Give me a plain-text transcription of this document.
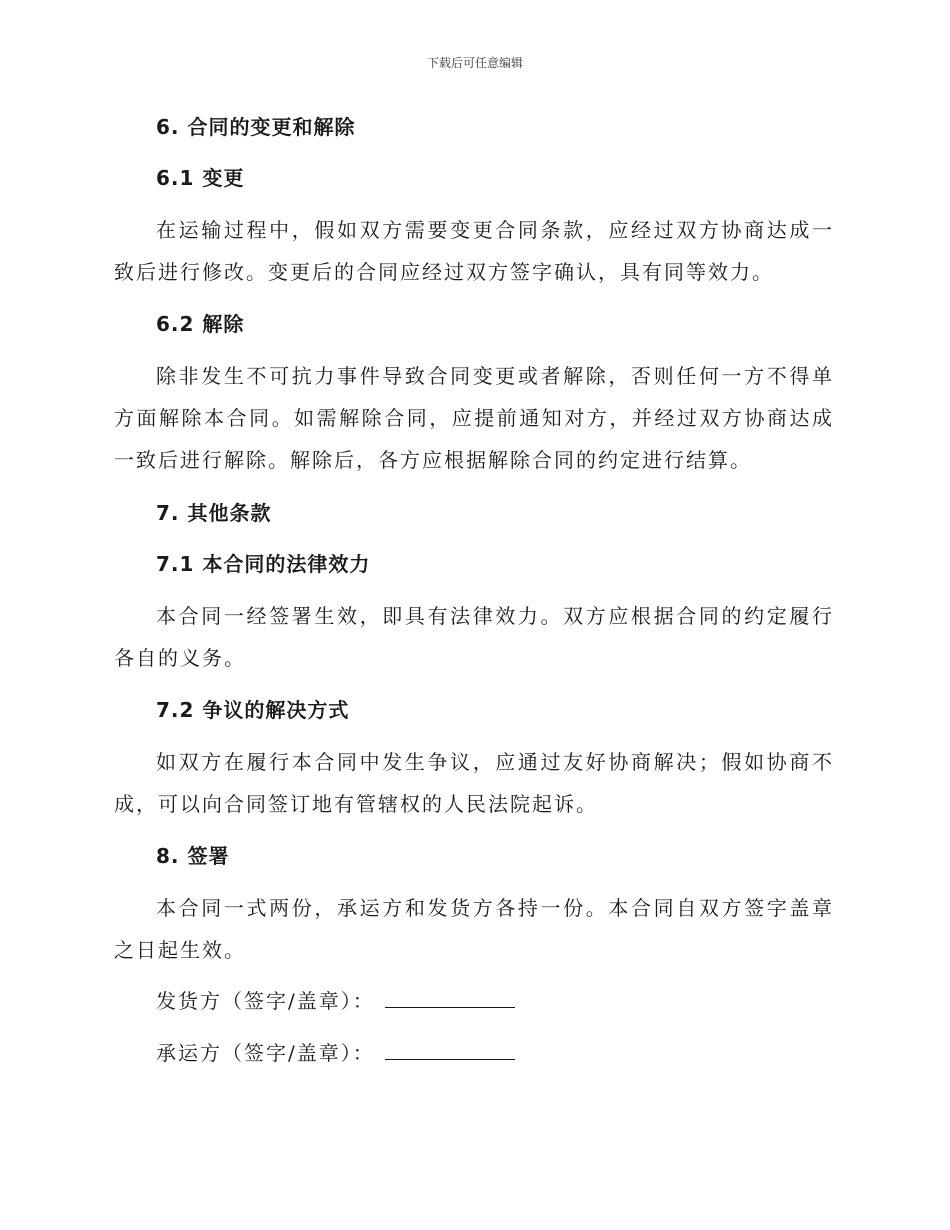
下载后可任意编辑
6. 合同的变更和解除
6.1 变更

在运输过程中，假如双方需要变更合同条款，应经过双方协商达成一致后进行修改。变更后的合同应经过双方签字确认，具有同等效力。

6.2 解除

除非发生不可抗力事件导致合同变更或者解除，否则任何一方不得单方面解除本合同。如需解除合同，应提前通知对方，并经过双方协商达成一致后进行解除。解除后，各方应根据解除合同的约定进行结算。

7. 其他条款
7.1 本合同的法律效力

本合同一经签署生效，即具有法律效力。双方应根据合同的约定履行各自的义务。

7.2 争议的解决方式

如双方在履行本合同中发生争议，应通过友好协商解决；假如协商不成，可以向合同签订地有管辖权的人民法院起诉。

8. 签署

本合同一式两份，承运方和发货方各持一份。本合同自双方签字盖章之日起生效。

发货方（签字/盖章）：
承运方（签字/盖章）：
